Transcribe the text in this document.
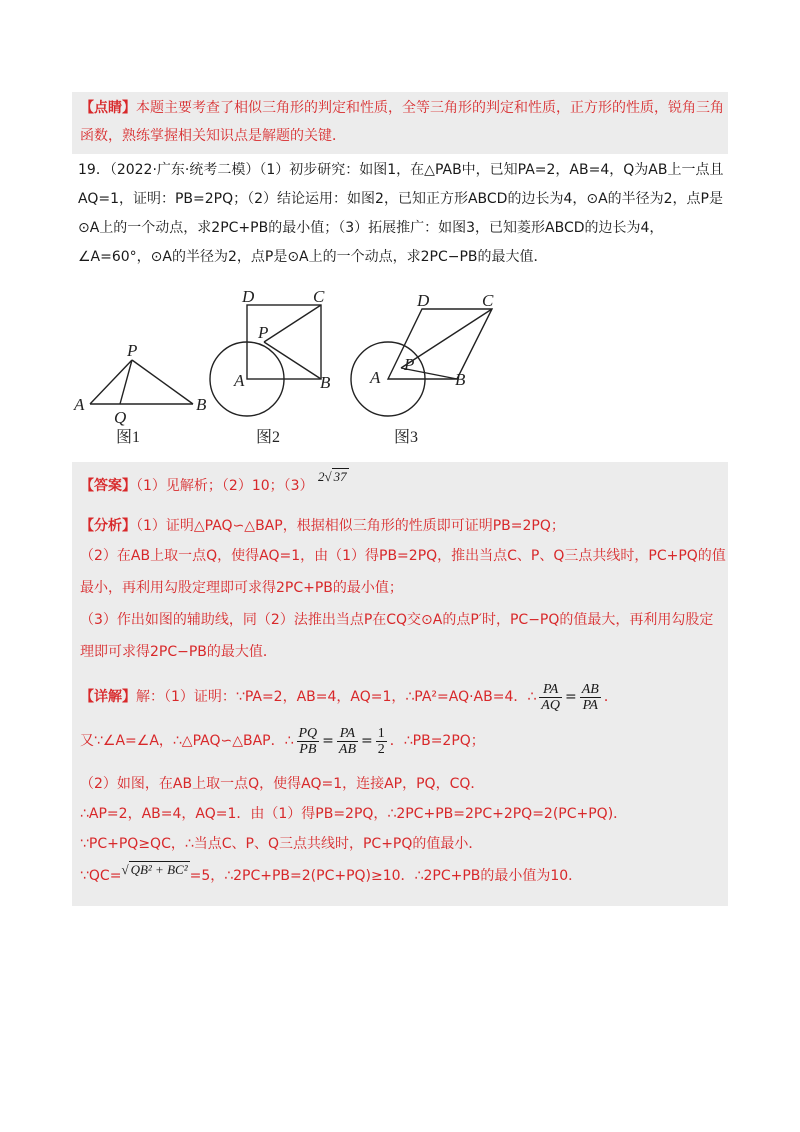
【点睛】本题主要考查了相似三角形的判定和性质，全等三角形的判定和性质，正方形的性质，锐角三角
函数，熟练掌握相关知识点是解题的关键．
19．（2022·广东·统考二模）（1）初步研究：如图1，在△PAB中，已知PA=2，AB=4，Q为AB上一点且
AQ=1，证明：PB=2PQ；（2）结论运用：如图2，已知正方形ABCD的边长为4，⊙A的半径为2，点P是
⊙A上的一个动点，求2PC+PB的最小值；（3）拓展推广：如图3，已知菱形ABCD的边长为4，
∠A=60°，⊙A的半径为2，点P是⊙A上的一个动点，求2PC−PB的最大值．
P
A	B
Q
图1
D	C
P
A	B
图2
D	C
P
A	B
图3
【答案】（1）见解析；（2）10；（3） 2√ 37
【分析】（1）证明△PAQ∽△BAP，根据相似三角形的性质即可证明PB=2PQ；
（2）在AB上取一点Q，使得AQ=1，由（1）得PB=2PQ，推出当点C、P、Q三点共线时，PC+PQ的值
最小，再利用勾股定理即可求得2PC+PB的最小值；
（3）作出如图的辅助线，同（2）法推出当点P在CQ交⊙A的点P′时，PC−PQ的值最大，再利用勾股定
理即可求得2PC−PB的最大值．
【详解】 解：（1）证明：∵PA=2，AB=4，AQ=1，∴PA²=AQ·AB=4．∴ $\frac{PA}{AQ} = \frac{AB}{PA}$ ．
又∵∠A=∠A，∴△PAQ∽△BAP．∴ $\frac{PQ}{PB} = \frac{PA}{AB} = \frac{1}{2}$ ．∴PB=2PQ；
（2）如图，在AB上取一点Q，使得AQ=1，连接AP，PQ，CQ．
∴AP=2，AB=4，AQ=1．由（1）得PB=2PQ，∴2PC+PB=2PC+2PQ=2(PC+PQ)．
∵PC+PQ≥QC，∴当点C、P、Q三点共线时，PC+PQ的值最小．
∵QC=√ QB² + BC² =5，∴2PC+PB=2(PC+PQ)≥10．∴2PC+PB的最小值为10．
